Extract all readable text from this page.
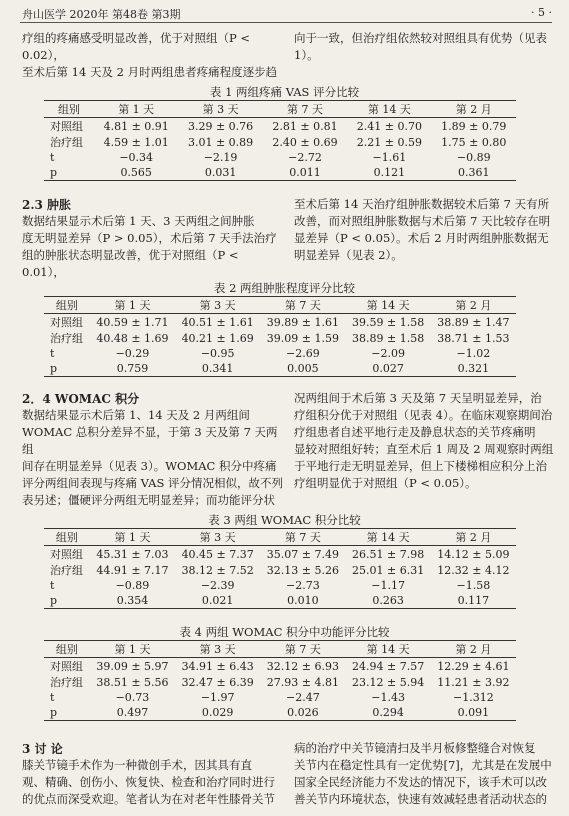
舟山医学 2020年 第48卷 第3期	· 5 ·

疗组的疼痛感受明显改善，优于对照组（P < 0.02），

至术后第 14 天及 2 月时两组患者疼痛程度逐步趋

向于一致，但治疗组依然较对照组具有优势（见表

1）。

表 1 两组疼痛 VAS 评分比较
组别	第 1 天	第 3 天	第 7 天	第 14 天	第 2 月
对照组	4.81 ± 0.91	3.29 ± 0.76	2.81 ± 0.81	2.41 ± 0.70	1.89 ± 0.79
治疗组	4.59 ± 1.01	3.01 ± 0.89	2.40 ± 0.69	2.21 ± 0.59	1.75 ± 0.80
t	−0.34	−2.19	−2.72	−1.61	−0.89
p	0.565	0.031	0.011	0.121	0.361
2.3 肿胀

数据结果显示术后第 1 天、3 天两组之间肿胀

度无明显差异（P > 0.05），术后第 7 天手法治疗

组的肿胀状态明显改善，优于对照组（P < 0.01），

至术后第 14 天治疗组肿胀数据较术后第 7 天有所

改善，而对照组肿胀数据与术后第 7 天比较存在明

显差异（P < 0.05）。术后 2 月时两组肿胀数据无

明显差异（见表 2）。

表 2 两组肿胀程度评分比较
组别	第 1 天	第 3 天	第 7 天	第 14 天	第 2 月
对照组	40.59 ± 1.71	40.51 ± 1.61	39.89 ± 1.61	39.59 ± 1.58	38.89 ± 1.47
治疗组	40.48 ± 1.69	40.21 ± 1.69	39.09 ± 1.59	38.89 ± 1.58	38.71 ± 1.53
t	−0.29	−0.95	−2.69	−2.09	−1.02
p	0.759	0.341	0.005	0.027	0.321
2．4 WOMAC 积分

数据结果显示术后第 1、14 天及 2 月两组间

WOMAC 总积分差异不显，于第 3 天及第 7 天两组

间存在明显差异（见表 3）。WOMAC 积分中疼痛

评分两组间表现与疼痛 VAS 评分情况相似，故不列

表另述；僵硬评分两组无明显差异；而功能评分状

况两组间于术后第 3 天及第 7 天呈明显差异，治

疗组积分优于对照组（见表 4）。在临床观察期间治

疗组患者自述平地行走及静息状态的关节疼痛明

显较对照组好转；直至术后 1 周及 2 周观察时两组

于平地行走无明显差异，但上下楼梯相应积分上治

疗组明显优于对照组（P < 0.05）。

表 3 两组 WOMAC 积分比较
组别	第 1 天	第 3 天	第 7 天	第 14 天	第 2 月
对照组	45.31 ± 7.03	40.45 ± 7.37	35.07 ± 7.49	26.51 ± 7.98	14.12 ± 5.09
治疗组	44.91 ± 7.17	38.12 ± 7.52	32.13 ± 5.26	25.01 ± 6.31	12.32 ± 4.12
t	−0.89	−2.39	−2.73	−1.17	−1.58
p	0.354	0.021	0.010	0.263	0.117
表 4 两组 WOMAC 积分中功能评分比较
组别	第 1 天	第 3 天	第 7 天	第 14 天	第 2 月
对照组	39.09 ± 5.97	34.91 ± 6.43	32.12 ± 6.93	24.94 ± 7.57	12.29 ± 4.61
治疗组	38.51 ± 5.56	32.47 ± 6.39	27.93 ± 4.81	23.12 ± 5.94	11.21 ± 3.92
t	−0.73	−1.97	−2.47	−1.43	−1.312
p	0.497	0.029	0.026	0.294	0.091
3 讨 论

膝关节镜手术作为一种微创手术，因其具有直

观、精确、创伤小、恢复快、检查和治疗同时进行

的优点而深受欢迎。笔者认为在对老年性膝骨关节

病的治疗中关节镜清扫及半月板修整缝合对恢复

关节内在稳定性具有一定优势[7]，尤其是在发展中

国家全民经济能力不发达的情况下，该手术可以改

善关节内环境状态，快速有效减轻患者活动状态的
